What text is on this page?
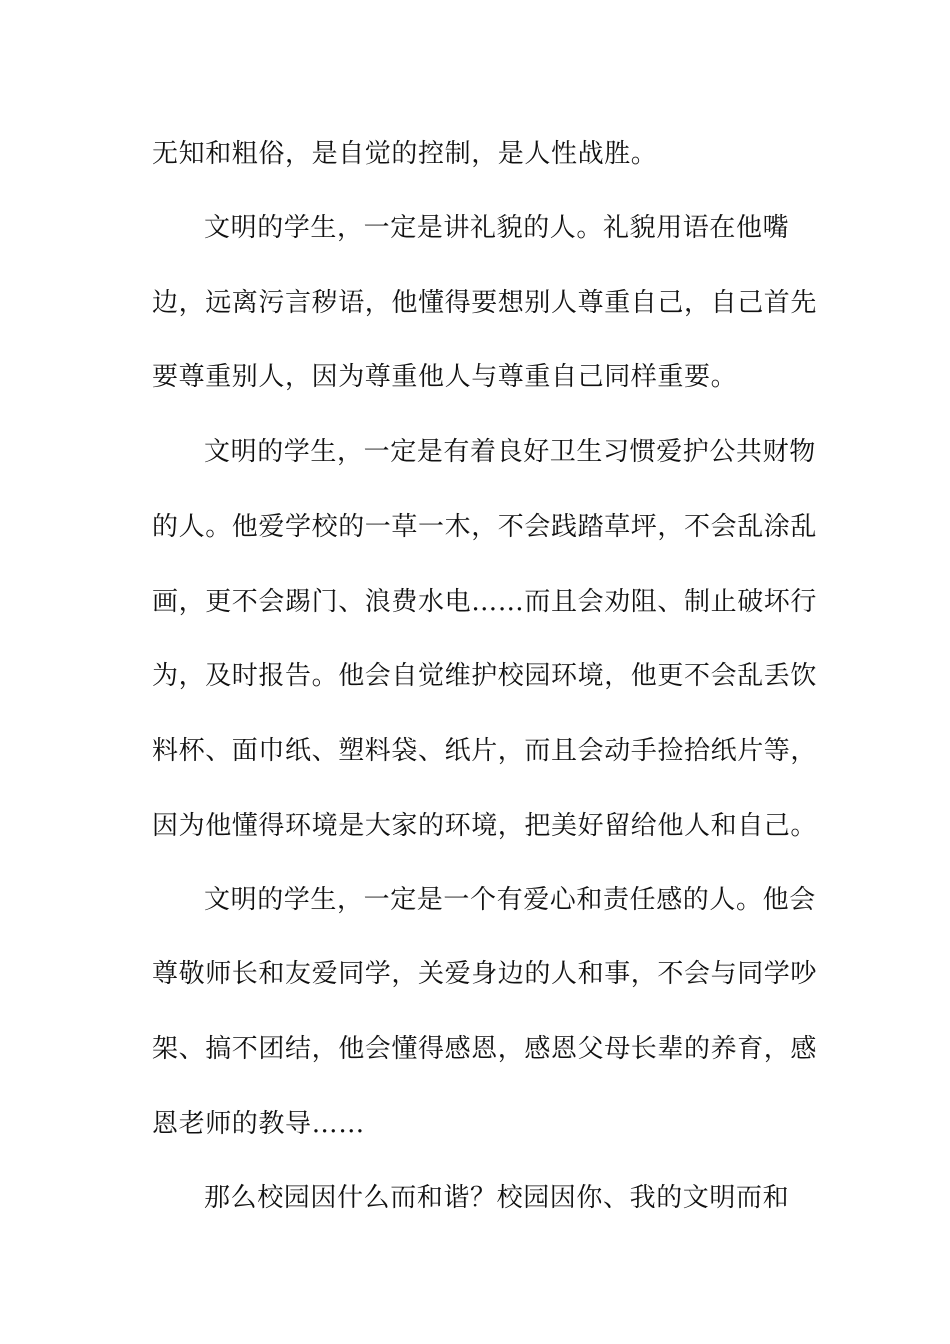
无知和粗俗，是自觉的控制，是人性战胜。
文明的学生，一定是讲礼貌的人。礼貌用语在他嘴
边，远离污言秽语，他懂得要想别人尊重自己，自己首先
要尊重别人，因为尊重他人与尊重自己同样重要。
文明的学生，一定是有着良好卫生习惯爱护公共财物
的人。他爱学校的一草一木，不会践踏草坪，不会乱涂乱
画，更不会踢门、浪费水电……而且会劝阻、制止破坏行
为，及时报告。他会自觉维护校园环境，他更不会乱丢饮
料杯、面巾纸、塑料袋、纸片，而且会动手捡拾纸片等，
因为他懂得环境是大家的环境，把美好留给他人和自己。
文明的学生，一定是一个有爱心和责任感的人。他会
尊敬师长和友爱同学，关爱身边的人和事，不会与同学吵
架、搞不团结，他会懂得感恩，感恩父母长辈的养育，感
恩老师的教导……
那么校园因什么而和谐？校园因你、我的文明而和
